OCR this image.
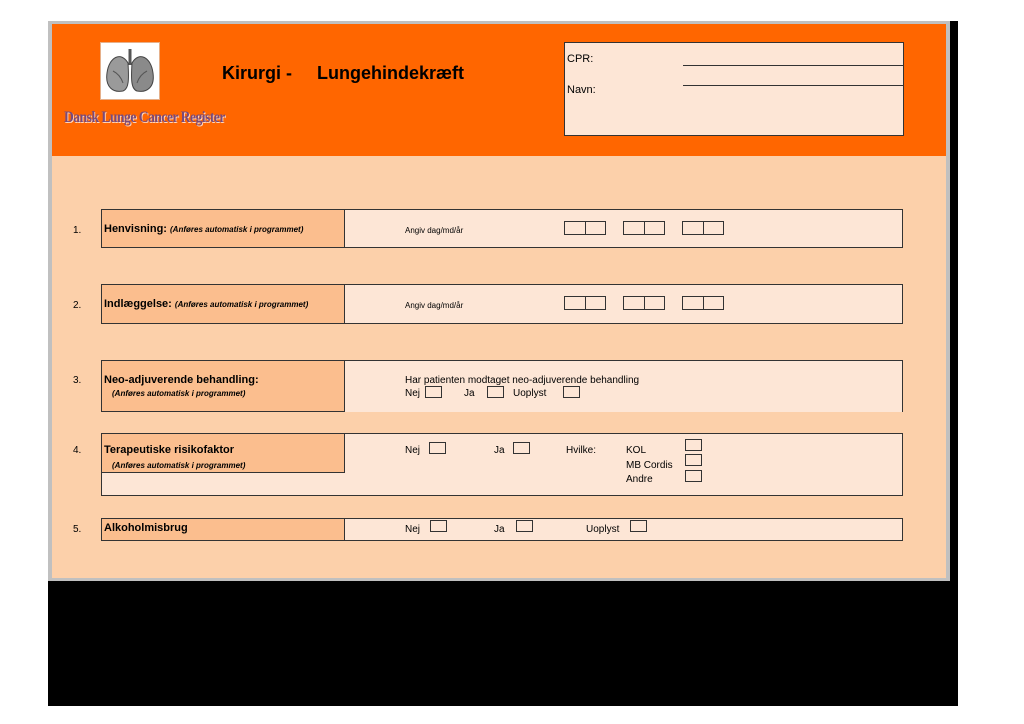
Dansk Lunge Cancer Register
Kirurgi - Lungehindekræft
CPR:
Navn:
1. Henvisning: (Anføres automatisk i programmet)	Angiv dag/md/år
2. Indlæggelse: (Anføres automatisk i programmet)	Angiv dag/md/år
3. Neo-adjuverende behandling:
(Anføres automatisk i programmet)
Har patienten modtaget neo-adjuverende behandling
Nej	Ja	Uoplyst
4. Terapeutiske risikofaktor
(Anføres automatisk i programmet)
Nej	Ja	Hvilke:	KOL
MB Cordis
Andre
5. Alkoholmisbrug	Nej	Ja	Uoplyst
